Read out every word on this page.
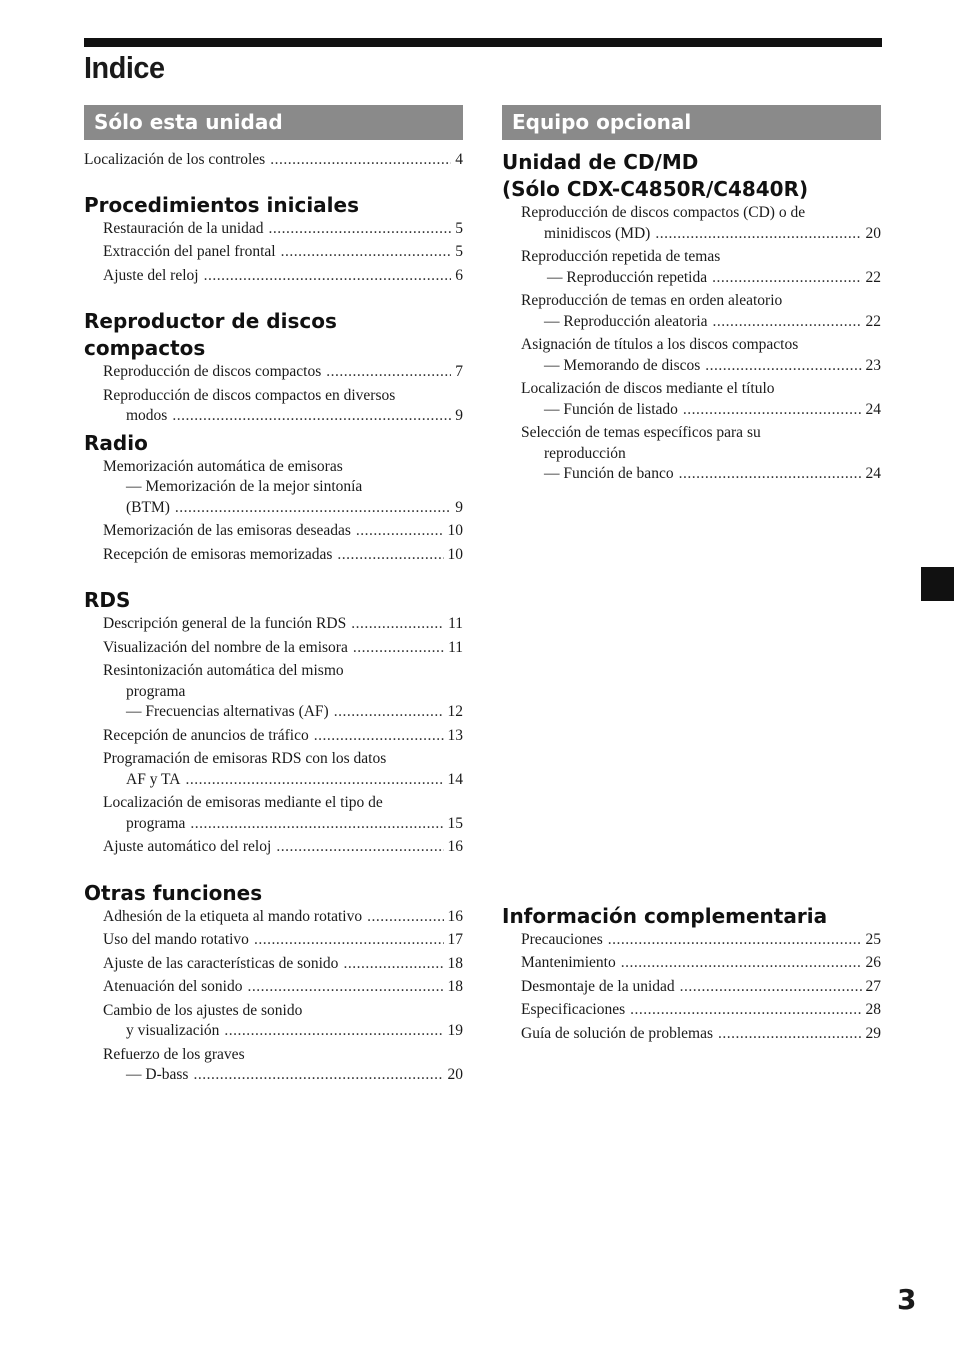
Indice
Sólo esta unidad
Localización de los controles .....	4
Procedimientos iniciales
Restauración de la unidad .....	5
Extracción del panel frontal .....	5
Ajuste del reloj .....	6
Reproductor de discos
compactos
Reproducción de discos compactos .....	7
Reproducción de discos compactos en diversos
modos .....	9
Radio
Memorización automática de emisoras
— Memorización de la mejor sintonía
(BTM) .....	9
Memorización de las emisoras deseadas .....	10
Recepción de emisoras memorizadas .....	10
RDS
Descripción general de la función RDS .....	11
Visualización del nombre de la emisora .....	11
Resintonización automática del mismo
programa
— Frecuencias alternativas (AF) .....	12
Recepción de anuncios de tráfico .....	13
Programación de emisoras RDS con los datos
AF y TA .....	14
Localización de emisoras mediante el tipo de
programa .....	15
Ajuste automático del reloj .....	16
Otras funciones
Adhesión de la etiqueta al mando rotativo .....	16
Uso del mando rotativo .....	17
Ajuste de las características de sonido .....	18
Atenuación del sonido .....	18
Cambio de los ajustes de sonido
y visualización .....	19
Refuerzo de los graves
— D-bass .....	20
Equipo opcional
Unidad de CD/MD
(Sólo CDX-C4850R/C4840R)
Reproducción de discos compactos (CD) o de
minidiscos (MD) .....	20
Reproducción repetida de temas
— Reproducción repetida .....	22
Reproducción de temas en orden aleatorio
— Reproducción aleatoria .....	22
Asignación de títulos a los discos compactos
— Memorando de discos .....	23
Localización de discos mediante el título
— Función de listado .....	24
Selección de temas específicos para su
reproducción
— Función de banco .....	24
Información complementaria
Precauciones .....	25
Mantenimiento .....	26
Desmontaje de la unidad .....	27
Especificaciones .....	28
Guía de solución de problemas .....	29
3
